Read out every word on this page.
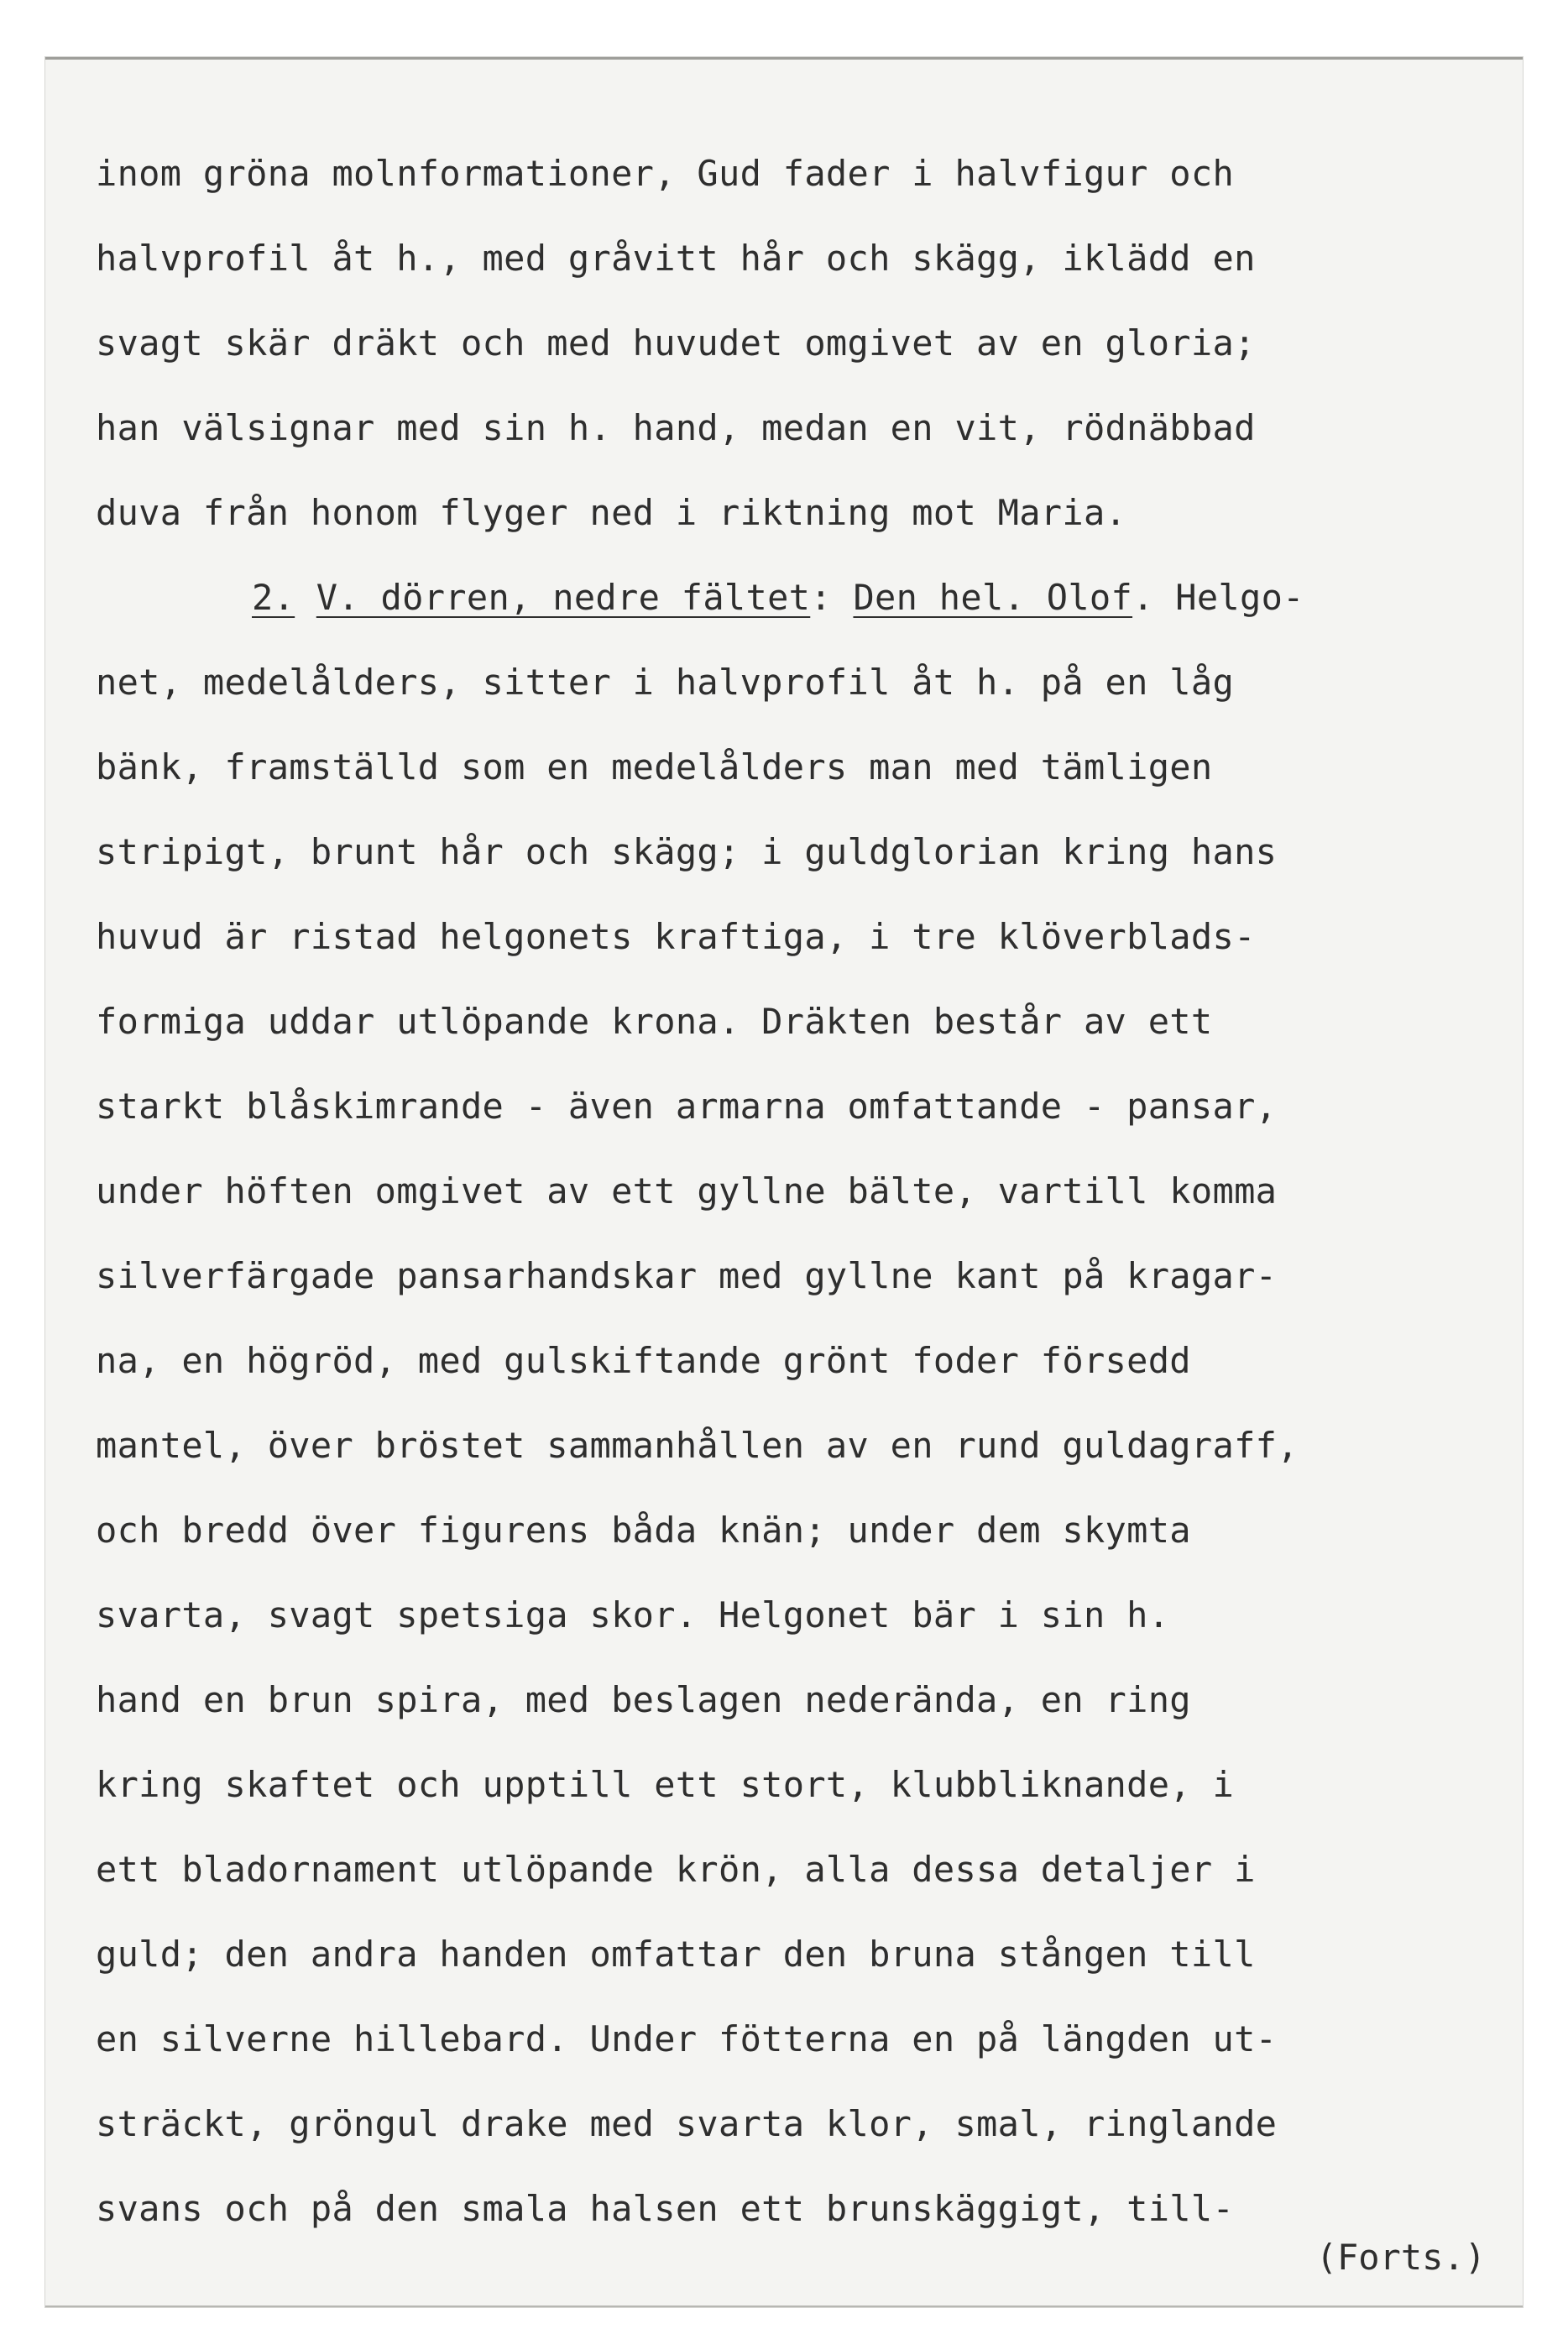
inom gröna molnformationer, Gud fader i halvfigur och
halvprofil åt h., med gråvitt hår och skägg, iklädd en
svagt skär dräkt och med huvudet omgivet av en gloria;
han välsignar med sin h. hand, medan en vit, rödnäbbad
duva från honom flyger ned i riktning mot Maria.
2. V. dörren, nedre fältet: Den hel. Olof. Helgo-
net, medelålders, sitter i halvprofil åt h. på en låg
bänk, framställd som en medelålders man med tämligen
stripigt, brunt hår och skägg; i guldglorian kring hans
huvud är ristad helgonets kraftiga, i tre klöverblads-
formiga uddar utlöpande krona. Dräkten består av ett
starkt blåskimrande - även armarna omfattande - pansar,
under höften omgivet av ett gyllne bälte, vartill komma
silverfärgade pansarhandskar med gyllne kant på kragar-
na, en högröd, med gulskiftande grönt foder försedd
mantel, över bröstet sammanhållen av en rund guldagraff,
och bredd över figurens båda knän; under dem skymta
svarta, svagt spetsiga skor. Helgonet bär i sin h.
hand en brun spira, med beslagen nederända, en ring
kring skaftet och upptill ett stort, klubbliknande, i
ett bladornament utlöpande krön, alla dessa detaljer i
guld; den andra handen omfattar den bruna stången till
en silverne hillebard. Under fötterna en på längden ut-
sträckt, gröngul drake med svarta klor, smal, ringlande
svans och på den smala halsen ett brunskäggigt, till-
(Forts.)
